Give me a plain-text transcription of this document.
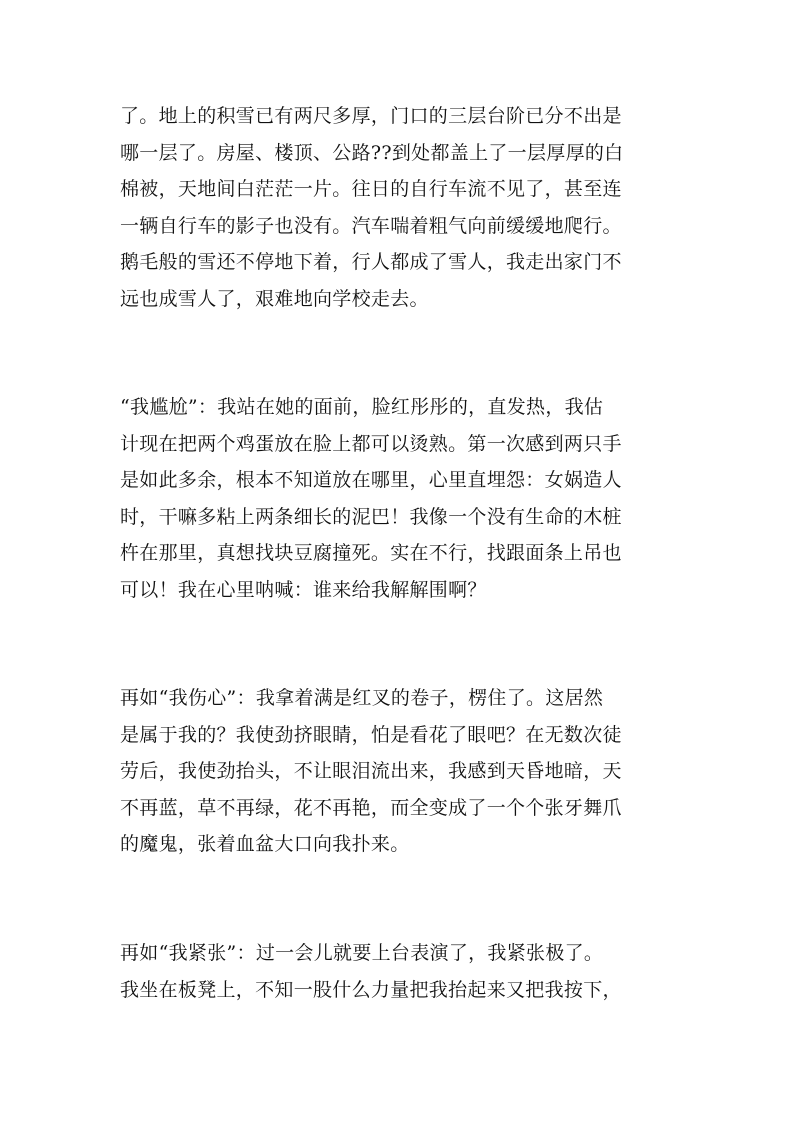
了。地上的积雪已有两尺多厚，门口的三层台阶已分不出是
哪一层了。房屋、楼顶、公路??到处都盖上了一层厚厚的白
棉被，天地间白茫茫一片。往日的自行车流不见了，甚至连
一辆自行车的影子也没有。汽车喘着粗气向前缓缓地爬行。
鹅毛般的雪还不停地下着，行人都成了雪人，我走出家门不
远也成雪人了，艰难地向学校走去。
“我尴尬”：我站在她的面前，脸红彤彤的，直发热，我估
计现在把两个鸡蛋放在脸上都可以烫熟。第一次感到两只手
是如此多余，根本不知道放在哪里，心里直埋怨：女娲造人
时，干嘛多粘上两条细长的泥巴！我像一个没有生命的木桩
杵在那里，真想找块豆腐撞死。实在不行，找跟面条上吊也
可以！我在心里呐喊：谁来给我解解围啊？
再如“我伤心”：我拿着满是红叉的卷子，楞住了。这居然
是属于我的？我使劲挤眼睛，怕是看花了眼吧？在无数次徒
劳后，我使劲抬头，不让眼泪流出来，我感到天昏地暗，天
不再蓝，草不再绿，花不再艳，而全变成了一个个张牙舞爪
的魔鬼，张着血盆大口向我扑来。
再如“我紧张”：过一会儿就要上台表演了，我紧张极了。
我坐在板凳上，不知一股什么力量把我抬起来又把我按下，
